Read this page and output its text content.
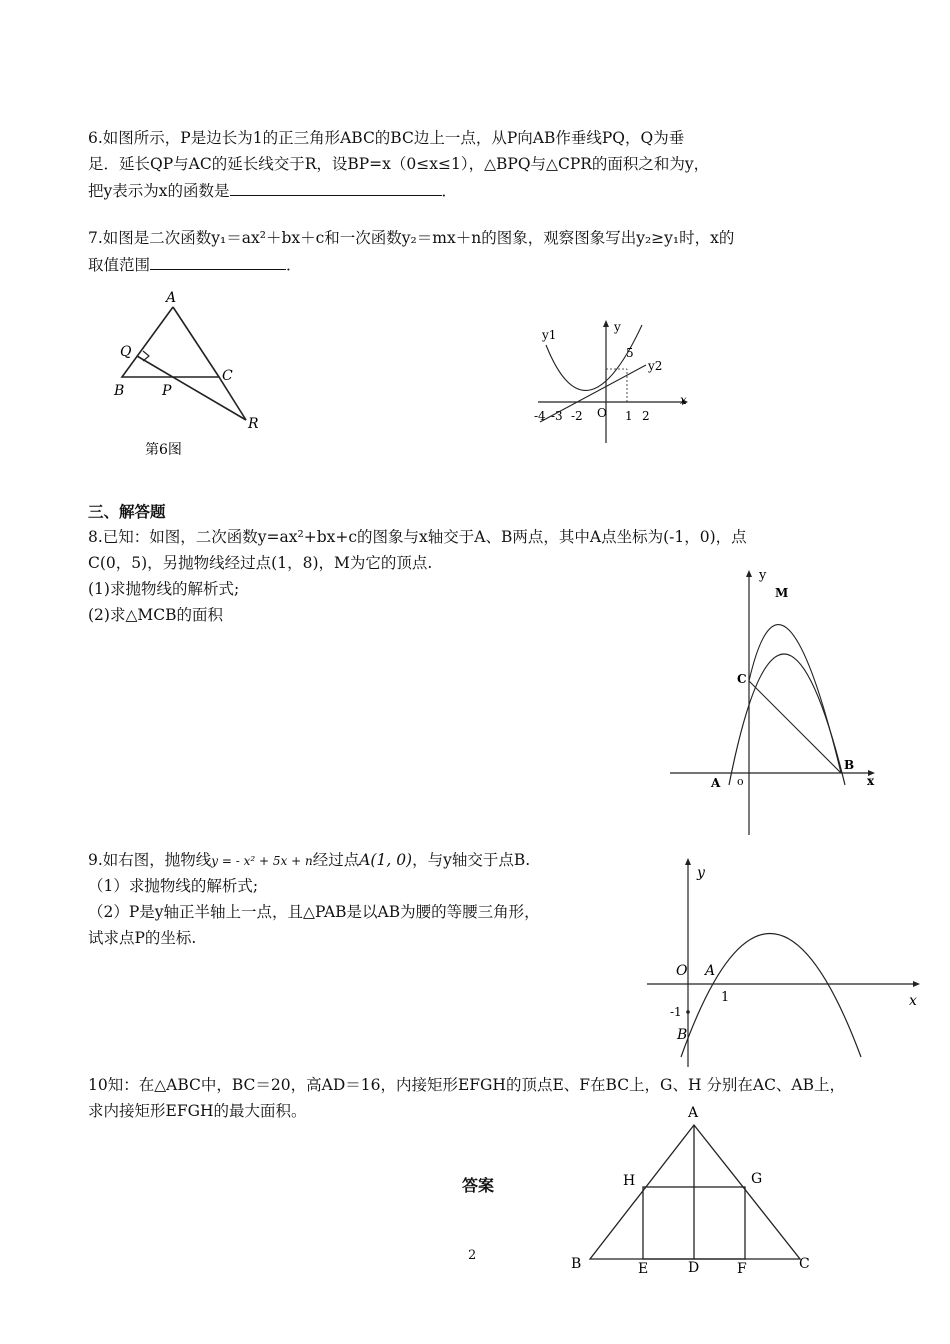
6.如图所示，P是边长为1的正三角形ABC的BC边上一点，从P向AB作垂线PQ，Q为垂
足．延长QP与AC的延长线交于R，设BP=x（0≤x≤1），△BPQ与△CPR的面积之和为y，
把y表示为x的函数是	．
7.如图是二次函数y₁＝ax²＋bx＋c和一次函数y₂＝mx＋n的图象，观察图象写出y₂≥y₁时，x的
取值范围	．
A
Q
C
B	P
R
第6图
y1
y
5
y2
x
-4 -3 -2 O 1 2
三、解答题
8.已知：如图，二次函数y=ax²+bx+c的图象与x轴交于A、B两点，其中A点坐标为(-1，0)，点
C(0，5)，另抛物线经过点(1，8)，M为它的顶点.
(1)求抛物线的解析式;
(2)求△MCB的面积
y
M
C
A o
B
x
9.如右图，抛物线y = - x² + 5x + n经过点A(1, 0)，与y轴交于点B.
（1）求抛物线的解析式;
（2）P是y轴正半轴上一点，且△PAB是以AB为腰的等腰三角形，
试求点P的坐标.
y
O A
1	x
-1
B
10知：在△ABC中，BC＝20，高AD＝16，内接矩形EFGH的顶点E、F在BC上，G、H 分别在AC、AB上，
求内接矩形EFGH的最大面积。	A
H	G
B	E	D	F	C
答案
2
